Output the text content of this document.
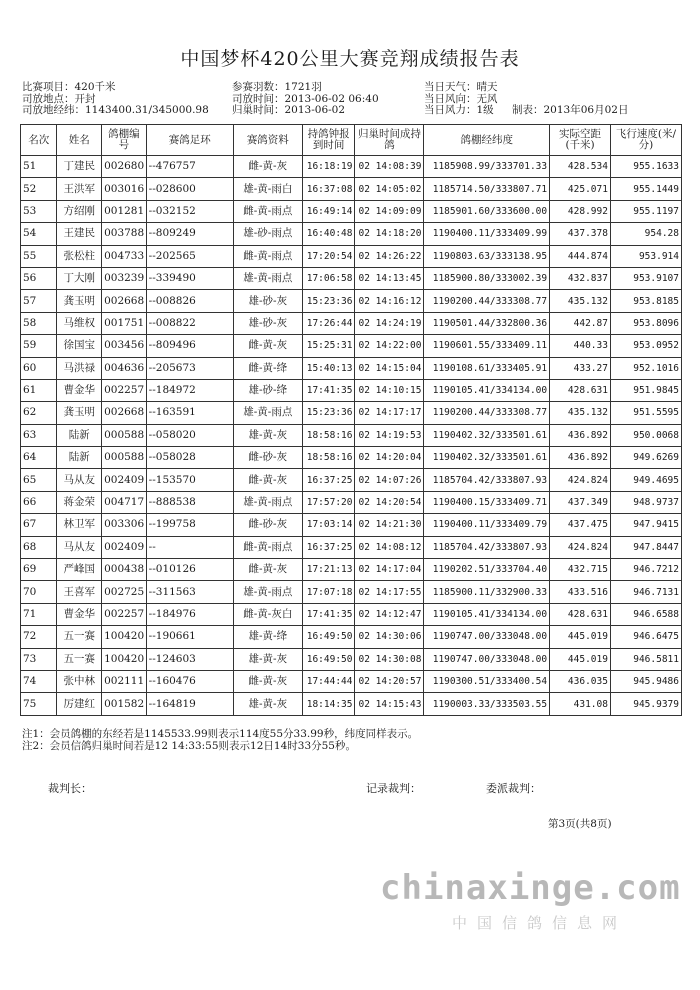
中国梦杯420公里大赛竞翔成绩报告表
比赛项目：420千米	参赛羽数：1721羽	当日天气：晴天
司放地点：开封	司放时间：2013-06-02 06:40	当日风向：无风
司放地经纬：1143400.31/345000.98 归巢时间：2013-06-02	当日风力：1级 制表：2013年06月02日
名次	姓名	鸽棚编号	赛鸽足环	赛鸽资料	持鸽钟报到时间	归巢时间成持鸽	鸽棚经纬度	实际空距(千米)	飞行速度(米/分)
51	丁建民	002680	--476757	雌-黄-灰	16:18:19	02 14:08:39	1185908.99/333701.33	428.534	955.1633
52	王洪军	003016	--028600	雄-黄-雨白	16:37:08	02 14:05:02	1185714.50/333807.71	425.071	955.1449
53	方绍刚	001281	--032152	雌-黄-雨点	16:49:14	02 14:09:09	1185901.60/333600.00	428.992	955.1197
54	王建民	003788	--809249	雄-砂-雨点	16:40:48	02 14:18:20	1190400.11/333409.99	437.378	954.28
55	张松柱	004733	--202565	雌-黄-雨点	17:20:54	02 14:26:22	1190803.63/333138.95	444.874	953.914
56	丁大刚	003239	--339490	雄-黄-雨点	17:06:58	02 14:13:45	1185900.80/333002.39	432.837	953.9107
57	龚玉明	002668	--008826	雄-砂-灰	15:23:36	02 14:16:12	1190200.44/333308.77	435.132	953.8185
58	马维权	001751	--008822	雄-砂-灰	17:26:44	02 14:24:19	1190501.44/332800.36	442.87	953.8096
59	徐国宝	003456	--809496	雌-黄-灰	15:25:31	02 14:22:00	1190601.55/333409.11	440.33	953.0952
60	马洪禄	004636	--205673	雌-黄-绛	15:40:13	02 14:15:04	1190108.61/333405.91	433.27	952.1016
61	曹金华	002257	--184972	雄-砂-绛	17:41:35	02 14:10:15	1190105.41/334134.00	428.631	951.9845
62	龚玉明	002668	--163591	雄-黄-雨点	15:23:36	02 14:17:17	1190200.44/333308.77	435.132	951.5595
63	陆新	000588	--058020	雄-黄-灰	18:58:16	02 14:19:53	1190402.32/333501.61	436.892	950.0068
64	陆新	000588	--058028	雌-砂-灰	18:58:16	02 14:20:04	1190402.32/333501.61	436.892	949.6269
65	马从友	002409	--153570	雌-黄-灰	16:37:25	02 14:07:26	1185704.42/333807.93	424.824	949.4695
66	蒋金荣	004717	--888538	雄-黄-雨点	17:57:20	02 14:20:54	1190400.15/333409.71	437.349	948.9737
67	林卫军	003306	--199758	雌-砂-灰	17:03:14	02 14:21:30	1190400.11/333409.79	437.475	947.9415
68	马从友	002409	--	雌-黄-雨点	16:37:25	02 14:08:12	1185704.42/333807.93	424.824	947.8447
69	严峰国	000438	--010126	雌-黄-灰	17:21:13	02 14:17:04	1190202.51/333704.40	432.715	946.7212
70	王喜军	002725	--311563	雄-黄-雨点	17:07:18	02 14:17:55	1185900.11/332900.33	433.516	946.7131
71	曹金华	002257	--184976	雌-黄-灰白	17:41:35	02 14:12:47	1190105.41/334134.00	428.631	946.6588
72	五一赛	100420	--190661	雄-黄-绛	16:49:50	02 14:30:06	1190747.00/333048.00	445.019	946.6475
73	五一赛	100420	--124603	雄-黄-灰	16:49:50	02 14:30:08	1190747.00/333048.00	445.019	946.5811
74	张中林	002111	--160476	雌-黄-灰	17:44:44	02 14:20:57	1190300.51/333400.54	436.035	945.9486
75	厉建红	001582	--164819	雄-黄-灰	18:14:35	02 14:15:43	1190003.33/333503.55	431.08	945.9379
注1：会员鸽棚的东经若是1145533.99则表示114度55分33.99秒，纬度同样表示。
注2：会员信鸽归巢时间若是12 14:33:55则表示12日14时33分55秒。
裁判长：	记录裁判：	委派裁判：
第3页(共8页)
chinaxinge.com
中国信鸽信息网
